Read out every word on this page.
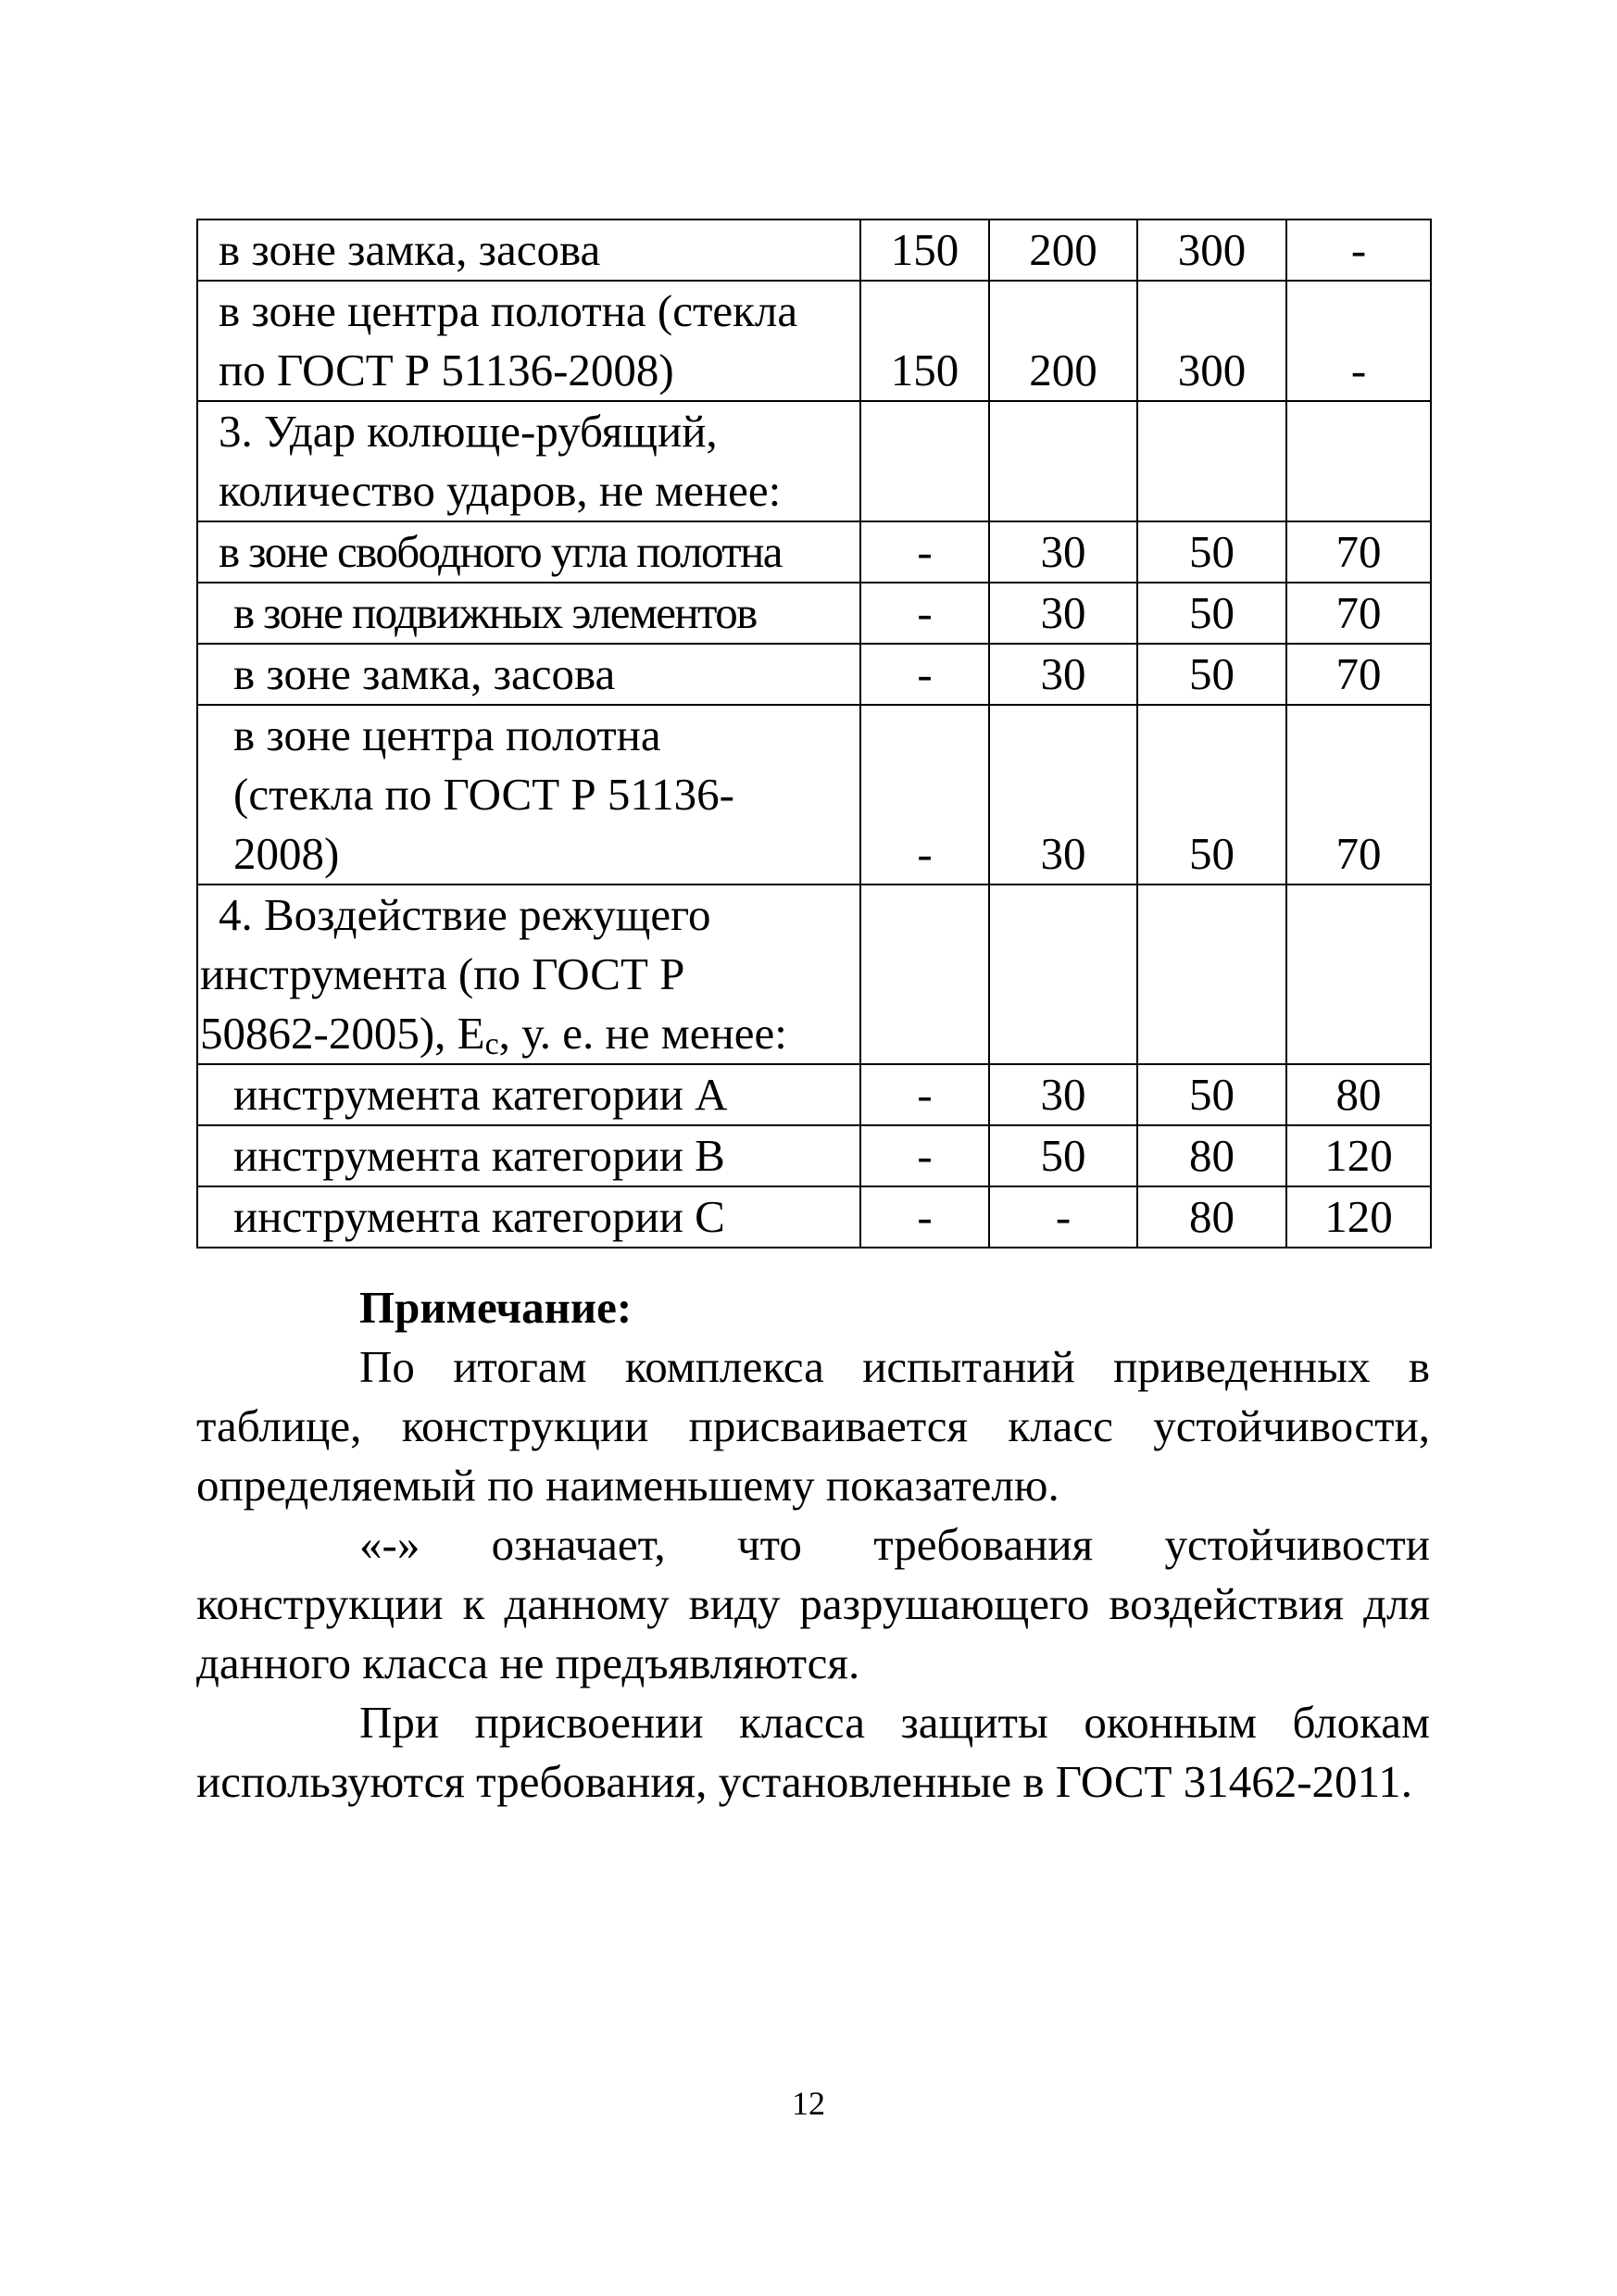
в зоне замка, засова	150	200	300	-
в зоне центра полотна (стекла
по ГОСТ Р 51136-2008)	150	200	300	-
3. Удар колюще-рубящий,
количество ударов, не менее:				
в зоне свободного угла полотна	-	30	50	70
в зоне подвижных элементов	-	30	50	70
в зоне замка, засова	-	30	50	70
в зоне центра полотна
(стекла по ГОСТ Р 51136-
2008)	-	30	50	70
4. Воздействие режущего
инструмента (по ГОСТ Р
50862-2005), $E_c$, у. е. не менее:				
инструмента категории А	-	30	50	80
инструмента категории В	-	50	80	120
инструмента категории С	-	-	80	120
Примечание:

По итогам комплекса испытаний приведенных в таблице, конструкции присваивается класс устойчивости, определяемый по наименьшему показателю.

«-» означает, что требования устойчивости конструкции к данному виду разрушающего воздействия для данного класса не предъявляются.

При присвоении класса защиты оконным блокам используются требования, установленные в ГОСТ 31462-2011.

12
